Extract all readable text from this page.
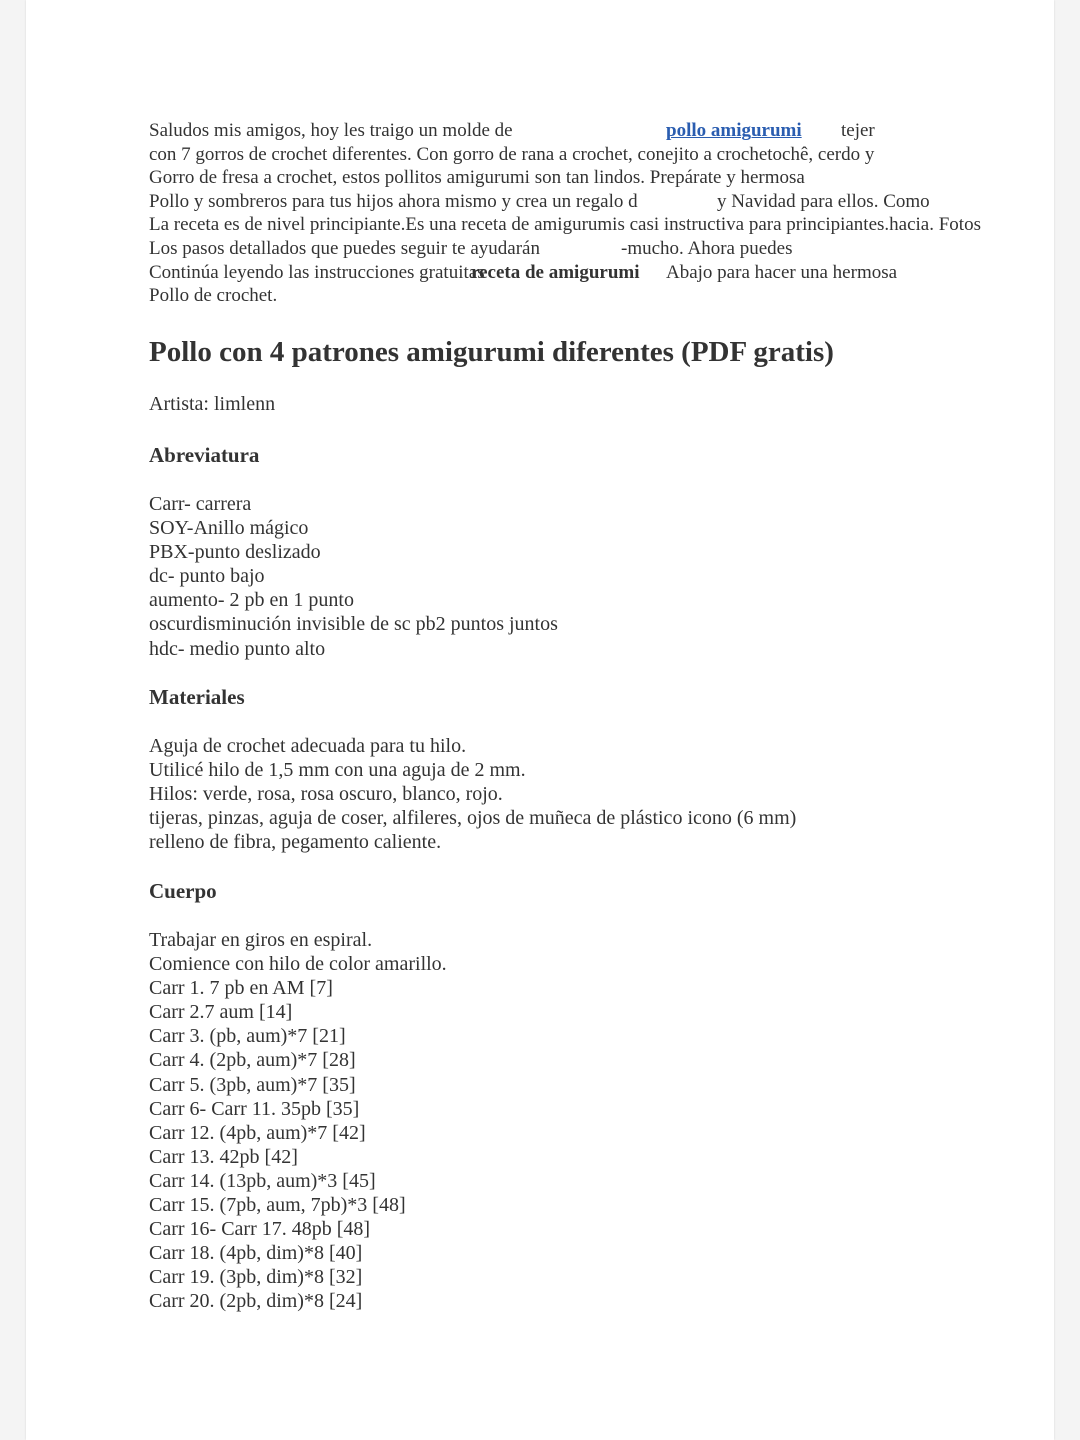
Saludos mis amigos, hoy les traigo un molde de	pollo amigurumi tejer
con 7 gorros de crochet diferentes. Con gorro de rana a crochet, conejito a crochetochê, cerdo y
Gorro de fresa a crochet, estos pollitos amigurumi son tan lindos. Prepárate y hermosa
Pollo y sombreros para tus hijos ahora mismo y crea un regalo d	y Navidad para ellos. Como
La receta es de nivel principiante.Es una receta de amigurumis casi instructiva para principiantes.hacia. Fotos
Los pasos detallados que puedes seguir te ayudarán	-mucho. Ahora puedes
Continúa leyendo las instrucciones gratuitas
receta de amigurumi Abajo para hacer una hermosa
Pollo de crochet.
Pollo con 4 patrones amigurumi diferentes (PDF gratis)
Artista: limlenn
Abreviatura
Carr- carrera
SOY-Anillo mágico
PBX-punto deslizado
dc- punto bajo
aumento- 2 pb en 1 punto
oscurdisminución invisible de sc pb2 puntos juntos
hdc- medio punto alto
Materiales
Aguja de crochet adecuada para tu hilo.
Utilicé hilo de 1,5 mm con una aguja de 2 mm.
Hilos: verde, rosa, rosa oscuro, blanco, rojo.
tijeras, pinzas, aguja de coser, alfileres, ojos de muñeca de plástico icono (6 mm)
relleno de fibra, pegamento caliente.
Cuerpo
Trabajar en giros en espiral.
Comience con hilo de color amarillo.
Carr 1. 7 pb en AM [7]
Carr 2.7 aum [14]
Carr 3. (pb, aum)*7 [21]
Carr 4. (2pb, aum)*7 [28]
Carr 5. (3pb, aum)*7 [35]
Carr 6- Carr 11. 35pb [35]
Carr 12. (4pb, aum)*7 [42]
Carr 13. 42pb [42]
Carr 14. (13pb, aum)*3 [45]
Carr 15. (7pb, aum, 7pb)*3 [48]
Carr 16- Carr 17. 48pb [48]
Carr 18. (4pb, dim)*8 [40]
Carr 19. (3pb, dim)*8 [32]
Carr 20. (2pb, dim)*8 [24]
